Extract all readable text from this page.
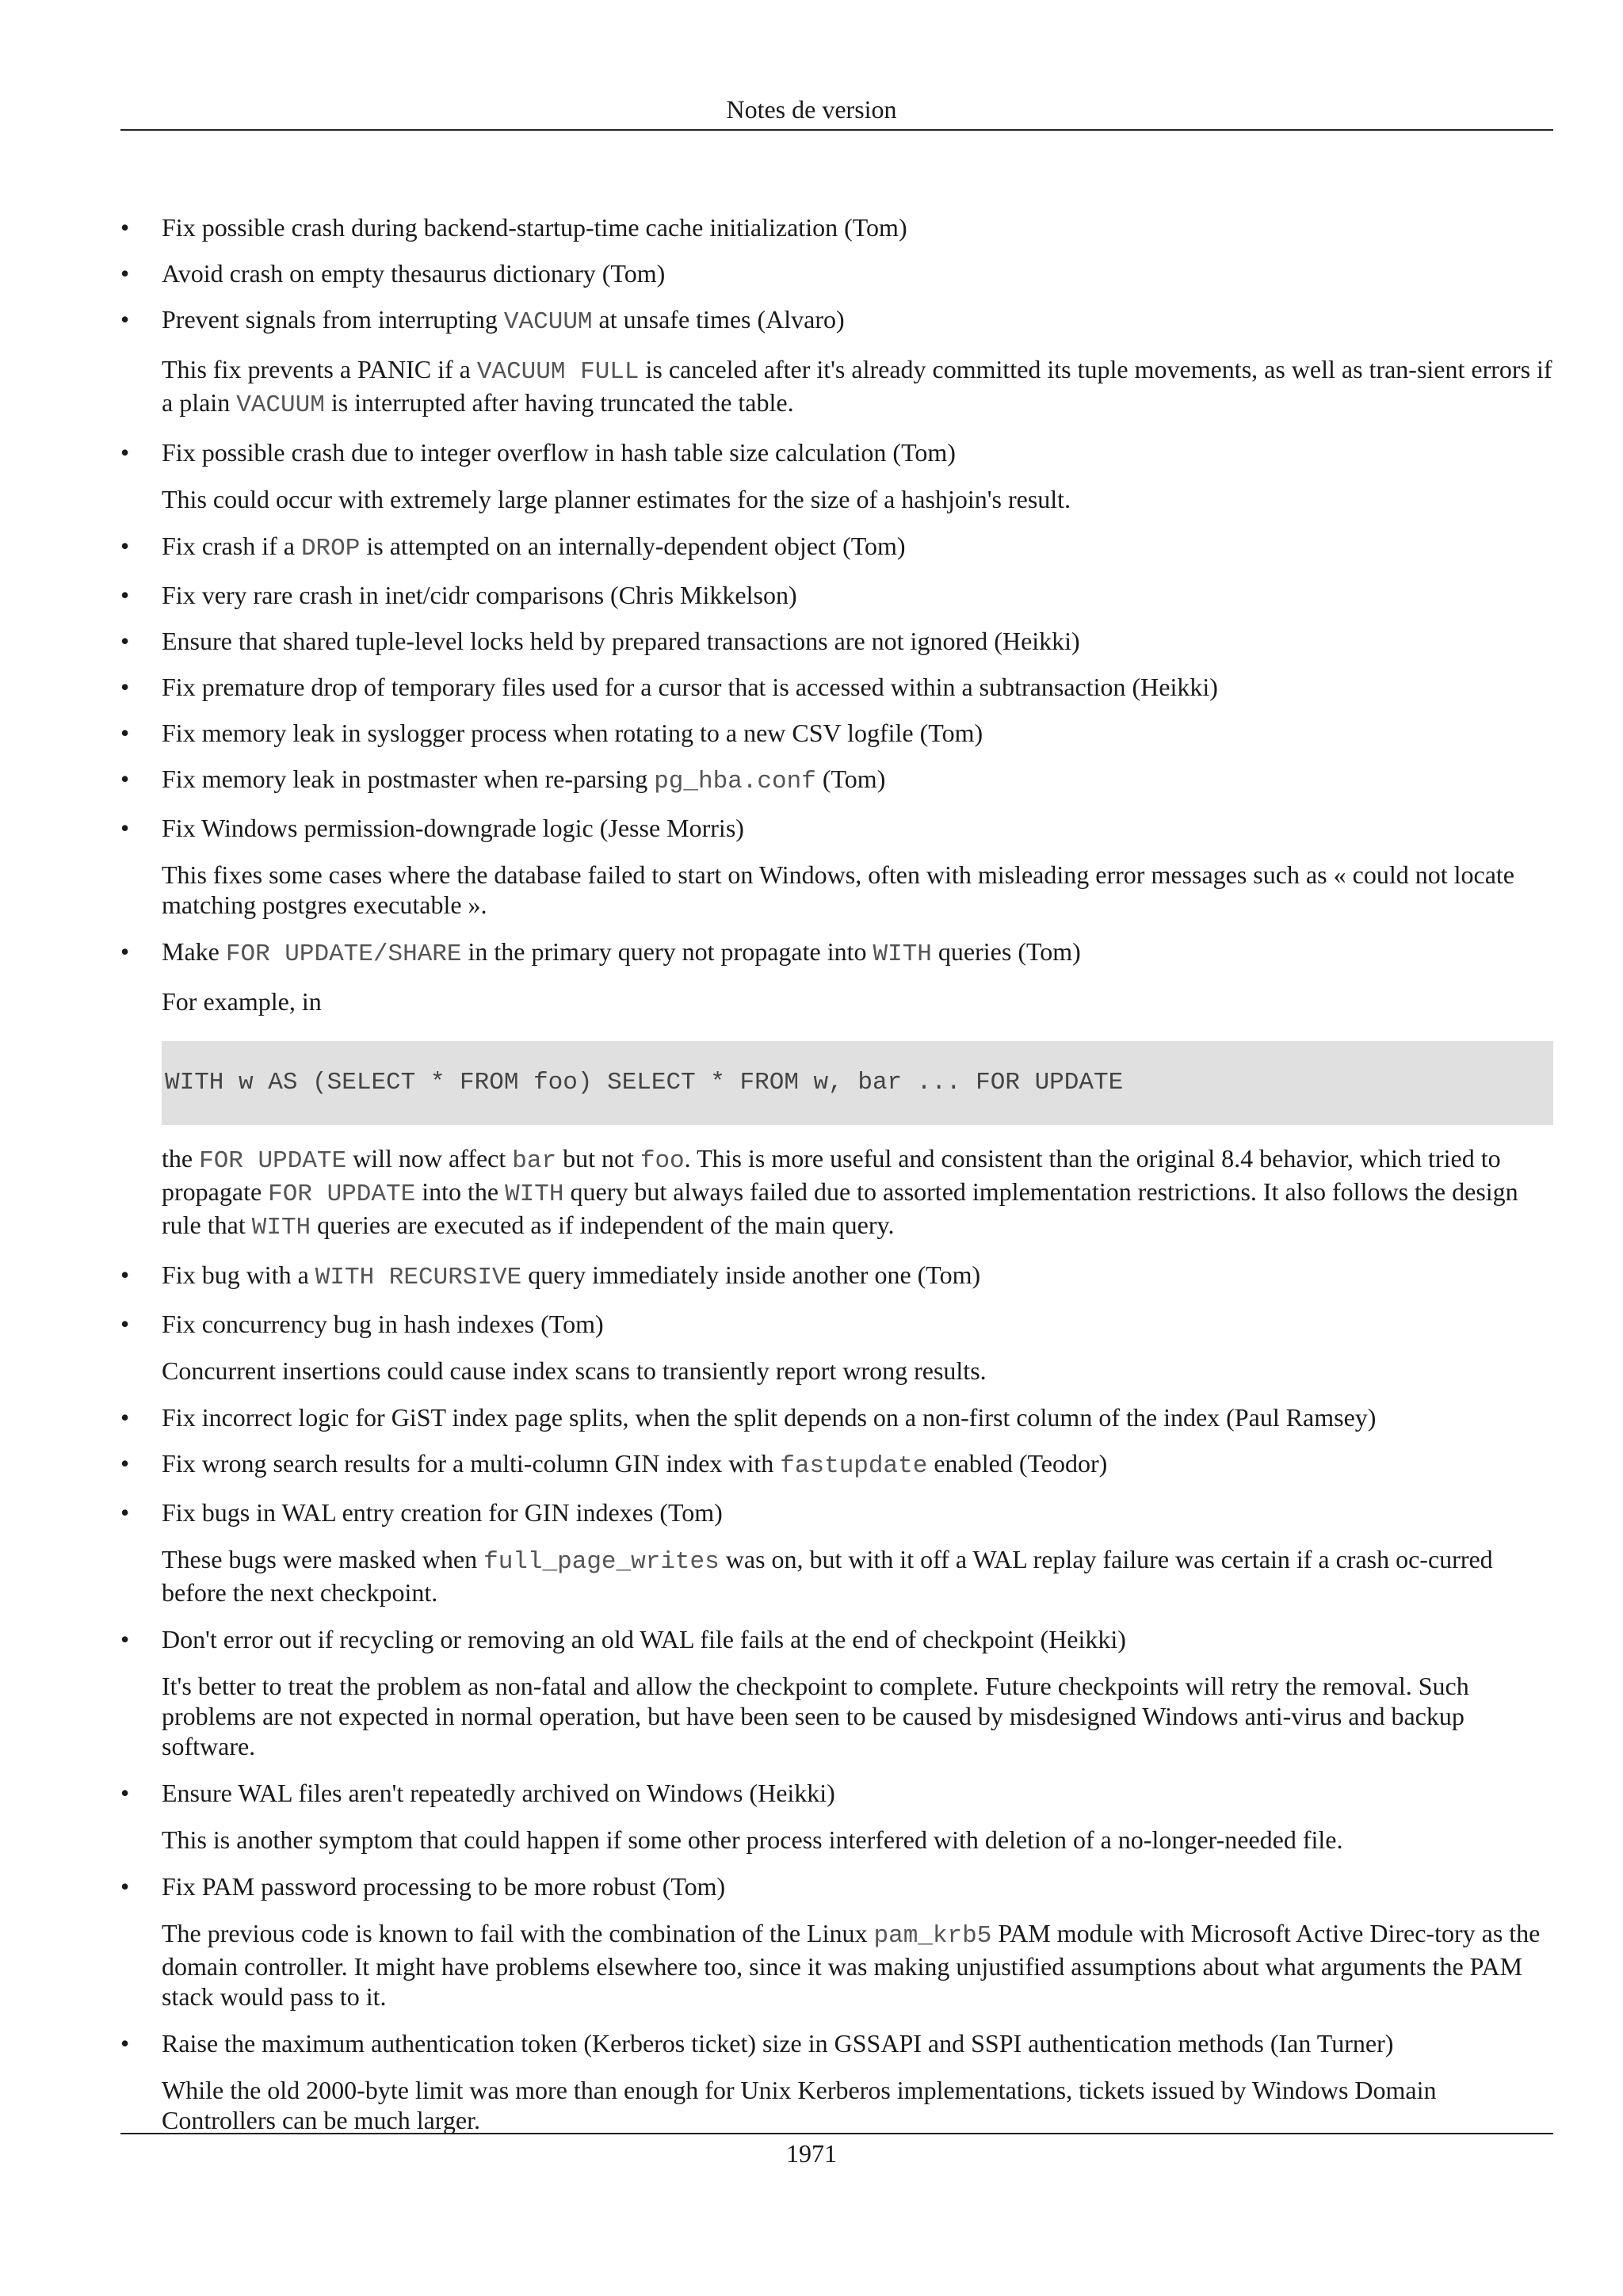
Notes de version
• Fix possible crash during backend-startup-time cache initialization (Tom)
• Avoid crash on empty thesaurus dictionary (Tom)
• Prevent signals from interrupting VACUUM at unsafe times (Alvaro)

This fix prevents a PANIC if a VACUUM FULL is canceled after it's already committed its tuple movements, as well as tran-sient errors if a plain VACUUM is interrupted after having truncated the table.

• Fix possible crash due to integer overflow in hash table size calculation (Tom)

This could occur with extremely large planner estimates for the size of a hashjoin's result.

• Fix crash if a DROP is attempted on an internally-dependent object (Tom)
• Fix very rare crash in inet/cidr comparisons (Chris Mikkelson)
• Ensure that shared tuple-level locks held by prepared transactions are not ignored (Heikki)
• Fix premature drop of temporary files used for a cursor that is accessed within a subtransaction (Heikki)
• Fix memory leak in syslogger process when rotating to a new CSV logfile (Tom)
• Fix memory leak in postmaster when re-parsing pg_hba.conf (Tom)
• Fix Windows permission-downgrade logic (Jesse Morris)

This fixes some cases where the database failed to start on Windows, often with misleading error messages such as « could not locate matching postgres executable ».

• Make FOR UPDATE/SHARE in the primary query not propagate into WITH queries (Tom)

For example, in

WITH w AS (SELECT * FROM foo) SELECT * FROM w, bar ... FOR UPDATE

the FOR UPDATE will now affect bar but not foo. This is more useful and consistent than the original 8.4 behavior, which tried to propagate FOR UPDATE into the WITH query but always failed due to assorted implementation restrictions. It also follows the design rule that WITH queries are executed as if independent of the main query.

• Fix bug with a WITH RECURSIVE query immediately inside another one (Tom)
• Fix concurrency bug in hash indexes (Tom)

Concurrent insertions could cause index scans to transiently report wrong results.

• Fix incorrect logic for GiST index page splits, when the split depends on a non-first column of the index (Paul Ramsey)
• Fix wrong search results for a multi-column GIN index with fastupdate enabled (Teodor)
• Fix bugs in WAL entry creation for GIN indexes (Tom)

These bugs were masked when full_page_writes was on, but with it off a WAL replay failure was certain if a crash oc-curred before the next checkpoint.

• Don't error out if recycling or removing an old WAL file fails at the end of checkpoint (Heikki)

It's better to treat the problem as non-fatal and allow the checkpoint to complete. Future checkpoints will retry the removal. Such problems are not expected in normal operation, but have been seen to be caused by misdesigned Windows anti-virus and backup software.

• Ensure WAL files aren't repeatedly archived on Windows (Heikki)

This is another symptom that could happen if some other process interfered with deletion of a no-longer-needed file.

• Fix PAM password processing to be more robust (Tom)

The previous code is known to fail with the combination of the Linux pam_krb5 PAM module with Microsoft Active Direc-tory as the domain controller. It might have problems elsewhere too, since it was making unjustified assumptions about what arguments the PAM stack would pass to it.

• Raise the maximum authentication token (Kerberos ticket) size in GSSAPI and SSPI authentication methods (Ian Turner)

While the old 2000-byte limit was more than enough for Unix Kerberos implementations, tickets issued by Windows Domain Controllers can be much larger.

1971
